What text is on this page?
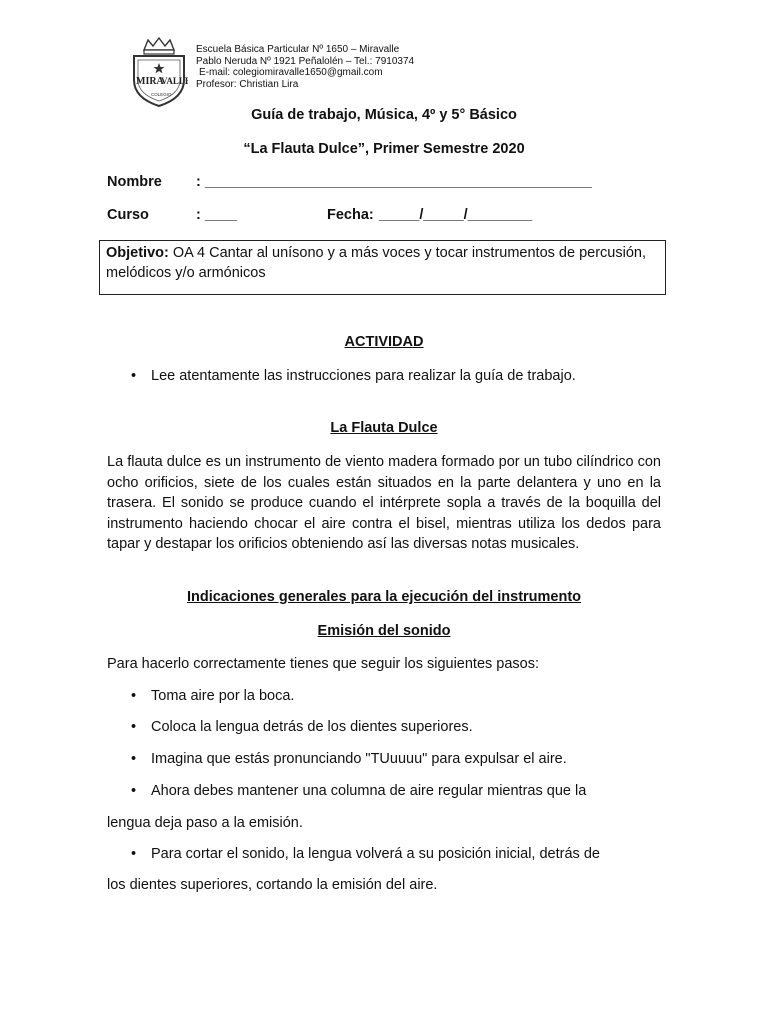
MIRA
VALLE
COLEGIO
Escuela Básica Particular Nº 1650 – Miravalle
Pablo Neruda Nº 1921 Peñalolén – Tel.: 7910374
E-mail: colegiomiravalle1650@gmail.com
Profesor: Christian Lira
Guía de trabajo, Música, 4º y 5° Básico
“La Flauta Dulce”, Primer Semestre 2020
Nombre : ________________________________________________
Curso	: ____	Fecha: _____/_____/________
Objetivo: OA 4 Cantar al unísono y a más voces y tocar instrumentos de percusión, melódicos y/o armónicos
ACTIVIDAD
• Lee atentamente las instrucciones para realizar la guía de trabajo.
La Flauta Dulce
La flauta dulce es un instrumento de viento madera formado por un tubo cilíndrico con ocho orificios, siete de los cuales están situados en la parte delantera y uno en la trasera. El sonido se produce cuando el intérprete sopla a través de la boquilla del instrumento haciendo chocar el aire contra el bisel, mientras utiliza los dedos para tapar y destapar los orificios obteniendo así las diversas notas musicales.
Indicaciones generales para la ejecución del instrumento
Emisión del sonido
Para hacerlo correctamente tienes que seguir los siguientes pasos:
• Toma aire por la boca.
• Coloca la lengua detrás de los dientes superiores.
• Imagina que estás pronunciando "TUuuuu" para expulsar el aire.
• Ahora debes mantener una columna de aire regular mientras que la
lengua deja paso a la emisión.
• Para cortar el sonido, la lengua volverá a su posición inicial, detrás de
los dientes superiores, cortando la emisión del aire.
